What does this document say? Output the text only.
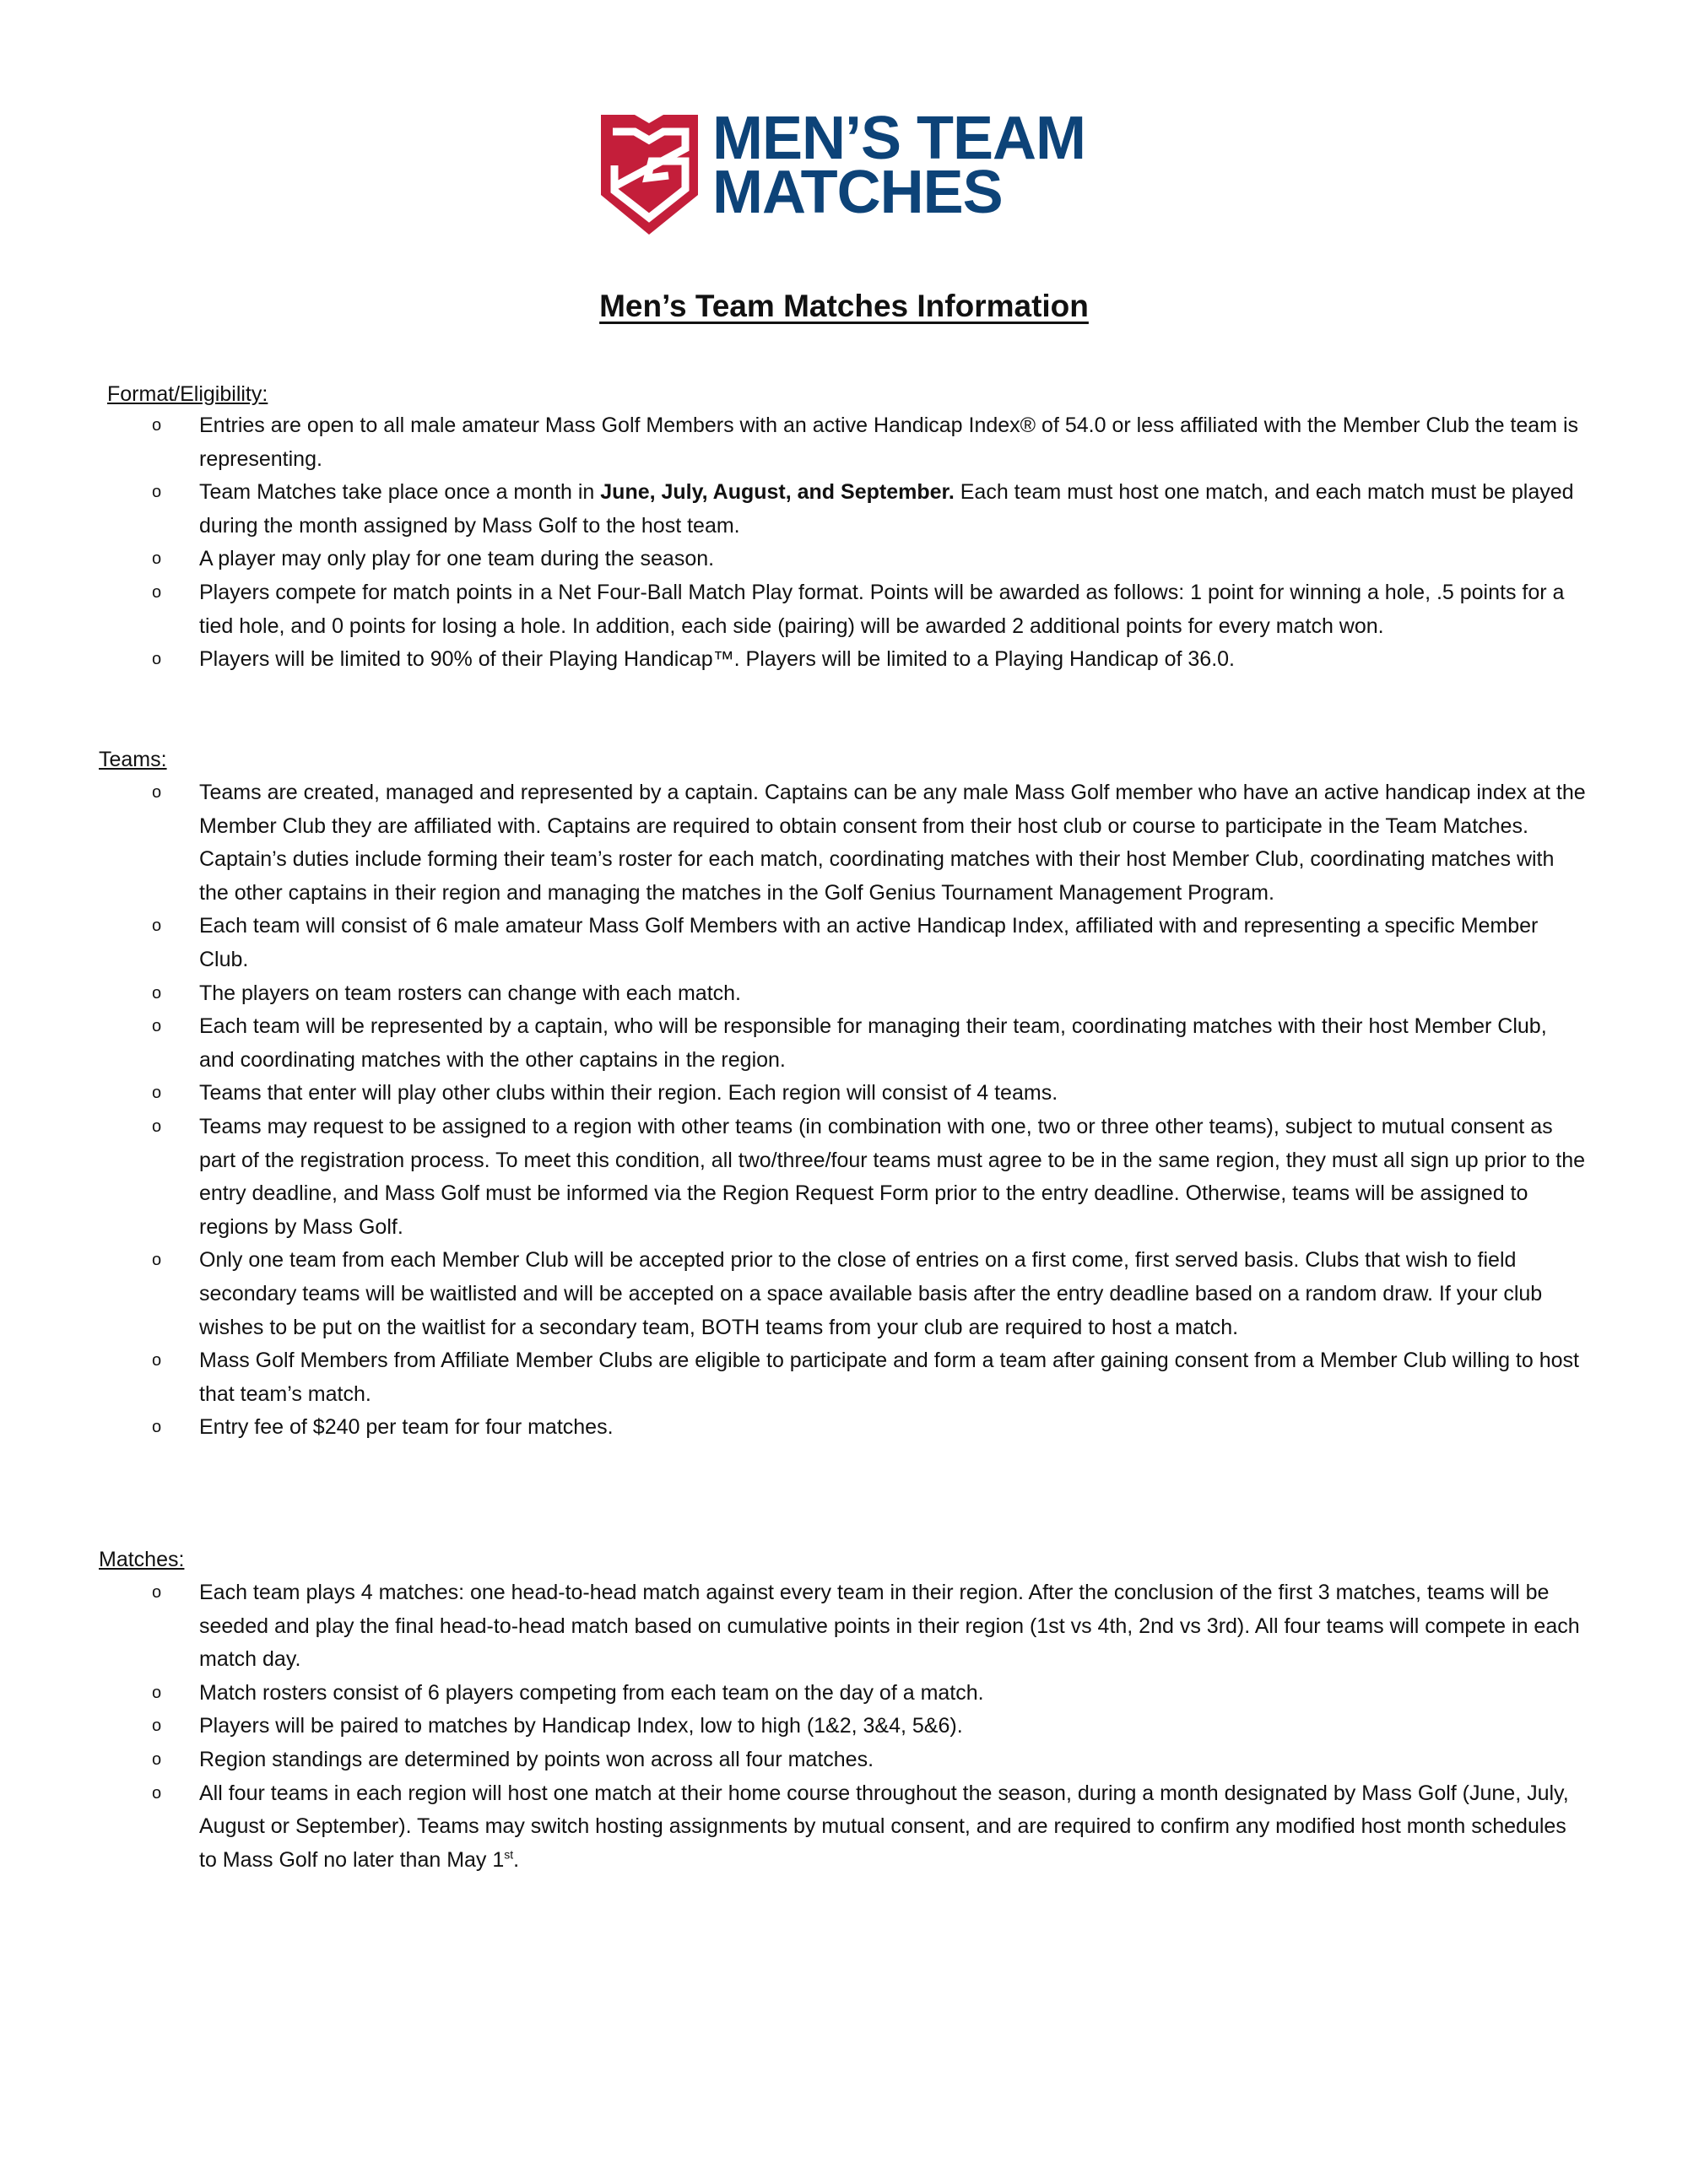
MEN’S TEAM
MATCHES
Men’s Team Matches Information
Format/Eligibility:
o Entries are open to all male amateur Mass Golf Members with an active Handicap Index® of 54.0 or less affiliated with the Member Club the team is representing.
o Team Matches take place once a month in June, July, August, and September. Each team must host one match, and each match must be played during the month assigned by Mass Golf to the host team.
o A player may only play for one team during the season.
o Players compete for match points in a Net Four-Ball Match Play format. Points will be awarded as follows: 1 point for winning a hole, .5 points for a tied hole, and 0 points for losing a hole. In addition, each side (pairing) will be awarded 2 additional points for every match won.
o Players will be limited to 90% of their Playing Handicap™. Players will be limited to a Playing Handicap of 36.0.
Teams:
o Teams are created, managed and represented by a captain. Captains can be any male Mass Golf member who have an active handicap index at the Member Club they are affiliated with. Captains are required to obtain consent from their host club or course to participate in the Team Matches. Captain’s duties include forming their team’s roster for each match, coordinating matches with their host Member Club, coordinating matches with the other captains in their region and managing the matches in the Golf Genius Tournament Management Program.
o Each team will consist of 6 male amateur Mass Golf Members with an active Handicap Index, affiliated with and representing a specific Member Club.
o The players on team rosters can change with each match.
o Each team will be represented by a captain, who will be responsible for managing their team, coordinating matches with their host Member Club, and coordinating matches with the other captains in the region.
o Teams that enter will play other clubs within their region. Each region will consist of 4 teams.
o Teams may request to be assigned to a region with other teams (in combination with one, two or three other teams), subject to mutual consent as part of the registration process. To meet this condition, all two/three/four teams must agree to be in the same region, they must all sign up prior to the entry deadline, and Mass Golf must be informed via the Region Request Form prior to the entry deadline. Otherwise, teams will be assigned to regions by Mass Golf.
o Only one team from each Member Club will be accepted prior to the close of entries on a first come, first served basis. Clubs that wish to field secondary teams will be waitlisted and will be accepted on a space available basis after the entry deadline based on a random draw. If your club wishes to be put on the waitlist for a secondary team, BOTH teams from your club are required to host a match.
o Mass Golf Members from Affiliate Member Clubs are eligible to participate and form a team after gaining consent from a Member Club willing to host that team’s match.
o Entry fee of $240 per team for four matches.
Matches:
o Each team plays 4 matches: one head-to-head match against every team in their region. After the conclusion of the first 3 matches, teams will be seeded and play the final head-to-head match based on cumulative points in their region (1st vs 4th, 2nd vs 3rd). All four teams will compete in each match day.
o Match rosters consist of 6 players competing from each team on the day of a match.
o Players will be paired to matches by Handicap Index, low to high (1&2, 3&4, 5&6).
o Region standings are determined by points won across all four matches.
o All four teams in each region will host one match at their home course throughout the season, during a month designated by Mass Golf (June, July, August or September). Teams may switch hosting assignments by mutual consent, and are required to confirm any modified host month schedules to Mass Golf no later than May 1st.
